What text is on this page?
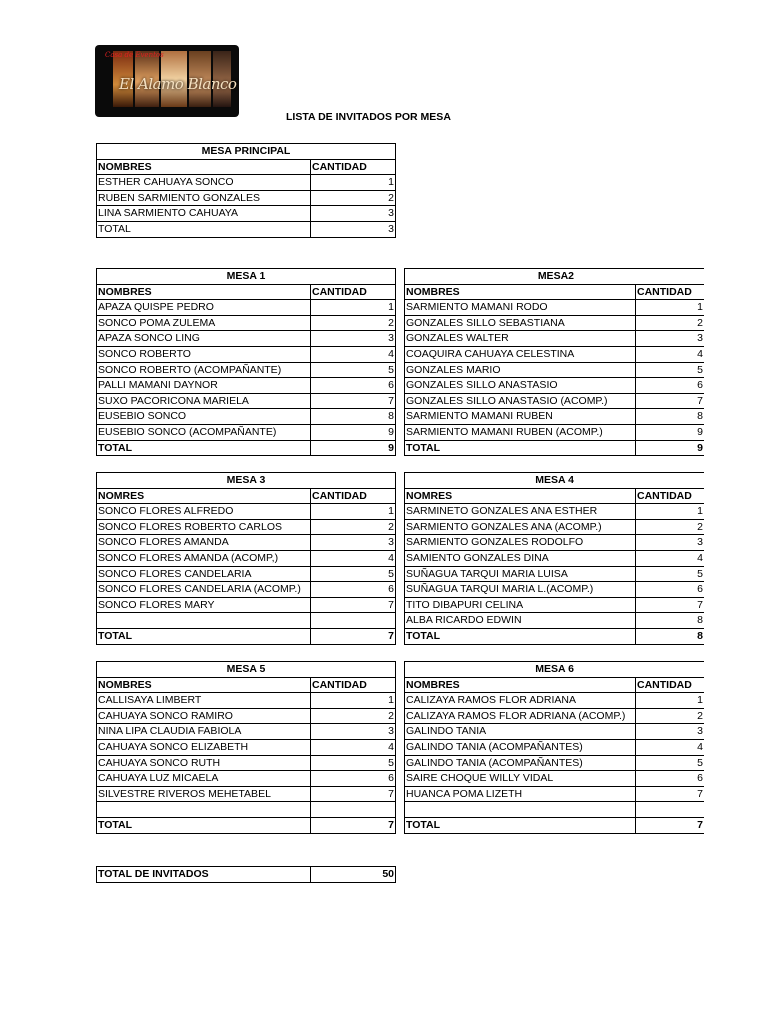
Casa de Eventos
El Alamo Blanco
LISTA DE INVITADOS POR MESA
MESA PRINCIPAL	
NOMBRES	CANTIDAD
ESTHER CAHUAYA SONCO	1
RUBEN SARMIENTO GONZALES	2
LINA SARMIENTO CAHUAYA	3
TOTAL	3
MESA 1	
NOMBRES	CANTIDAD
APAZA QUISPE PEDRO	1
SONCO POMA ZULEMA	2
APAZA SONCO LING	3
SONCO ROBERTO	4
SONCO ROBERTO (ACOMPAÑANTE)	5
PALLI MAMANI DAYNOR	6
SUXO PACORICONA MARIELA	7
EUSEBIO SONCO	8
EUSEBIO SONCO (ACOMPAÑANTE)	9
TOTAL	9
MESA2	
NOMBRES	CANTIDAD
SARMIENTO MAMANI RODO	1
GONZALES SILLO SEBASTIANA	2
GONZALES WALTER	3
COAQUIRA CAHUAYA CELESTINA	4
GONZALES MARIO	5
GONZALES SILLO ANASTASIO	6
GONZALES SILLO ANASTASIO (ACOMP.)	7
SARMIENTO MAMANI RUBEN	8
SARMIENTO MAMANI RUBEN (ACOMP.)	9
TOTAL	9
MESA 3	
NOMRES	CANTIDAD
SONCO FLORES ALFREDO	1
SONCO FLORES ROBERTO CARLOS	2
SONCO FLORES AMANDA	3
SONCO FLORES AMANDA (ACOMP,)	4
SONCO FLORES CANDELARIA	5
SONCO FLORES CANDELARIA (ACOMP.)	6
SONCO FLORES MARY	7

TOTAL	7
MESA 4	
NOMRES	CANTIDAD
SARMINETO GONZALES ANA ESTHER	1
SARMIENTO GONZALES ANA (ACOMP.)	2
SARMIENTO GONZALES RODOLFO	3
SAMIENTO GONZALES DINA	4
SUÑAGUA TARQUI MARIA LUISA	5
SUÑAGUA TARQUI MARIA L.(ACOMP.)	6
TITO DIBAPURI CELINA	7
ALBA RICARDO EDWIN	8
TOTAL	8
MESA 5	
NOMBRES	CANTIDAD
CALLISAYA LIMBERT	1
CAHUAYA SONCO RAMIRO	2
NINA LIPA CLAUDIA FABIOLA	3
CAHUAYA SONCO ELIZABETH	4
CAHUAYA SONCO RUTH	5
CAHUAYA LUZ MICAELA	6
SILVESTRE RIVEROS MEHETABEL	7

TOTAL	7
MESA 6	
NOMBRES	CANTIDAD
CALIZAYA RAMOS FLOR ADRIANA	1
CALIZAYA RAMOS FLOR ADRIANA (ACOMP.)	2
GALINDO TANIA	3
GALINDO TANIA (ACOMPAÑANTES)	4
GALINDO TANIA (ACOMPAÑANTES)	5
SAIRE CHOQUE WILLY VIDAL	6
HUANCA POMA LIZETH	7

TOTAL	7
TOTAL DE INVITADOS	50
